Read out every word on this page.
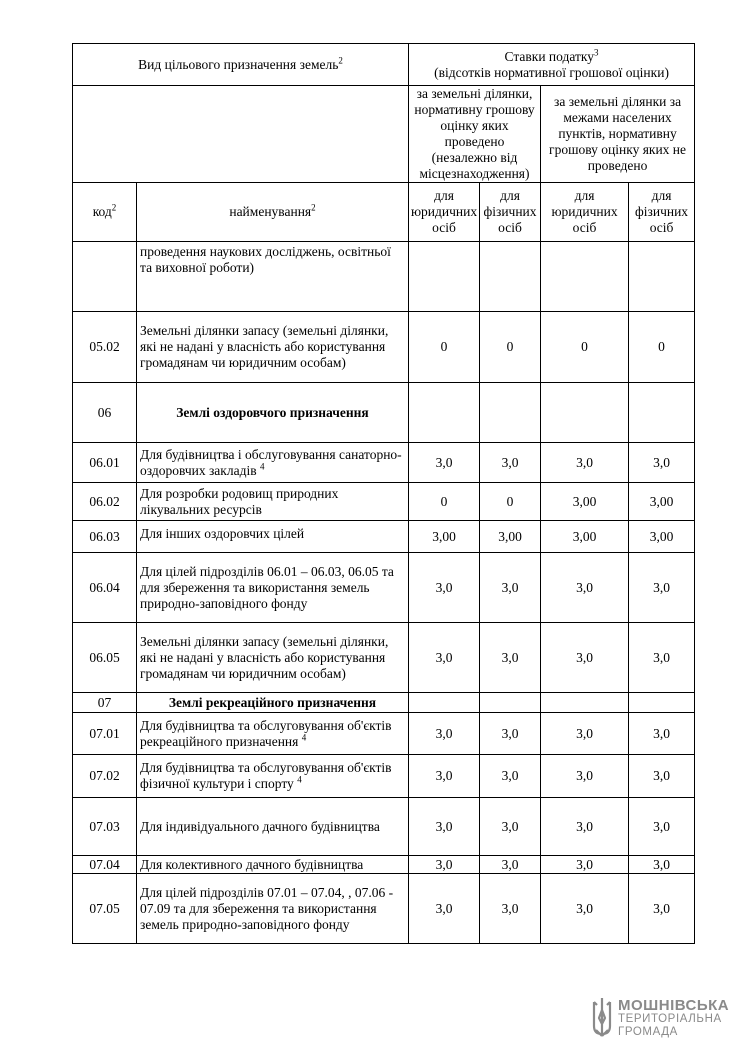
Вид цільового призначення земель$^2$		Ставки податку$^3$
(відсотків нормативної грошової оцінки)			
		за земельні ділянки, нормативну грошову оцінку яких проведено (незалежно від місцезнаходження)		за земельні ділянки за межами населених пунктів, нормативну грошову оцінку яких не проведено	
код$^2$	найменування$^2$	для юридичних осіб	для фізичних осіб	для юридичних осіб	для фізичних осіб
	проведення наукових досліджень, освітньої та виховної роботи)				
05.02	Земельні ділянки запасу (земельні ділянки, які не надані у власність або користування громадянам чи юридичним особам)	0	0	0	0
06	Землі оздоровчого призначення				
06.01	Для будівництва і обслуговування санаторно-оздоровчих закладів $^4$	3,0	3,0	3,0	3,0
06.02	Для розробки родовищ природних лікувальних ресурсів	0	0	3,00	3,00
06.03	Для інших оздоровчих цілей	3,00	3,00	3,00	3,00
06.04	Для цілей підрозділів 06.01 – 06.03, 06.05 та для збереження та використання земель природно-заповідного фонду	3,0	3,0	3,0	3,0
06.05	Земельні ділянки запасу (земельні ділянки, які не надані у власність або користування громадянам чи юридичним особам)	3,0	3,0	3,0	3,0
07	Землі рекреаційного призначення				
07.01	Для будівництва та обслуговування об'єктів рекреаційного призначення $^4$	3,0	3,0	3,0	3,0
07.02	Для будівництва та обслуговування об'єктів фізичної культури і спорту $^4$	3,0	3,0	3,0	3,0
07.03	Для індивідуального дачного будівництва	3,0	3,0	3,0	3,0
07.04	Для колективного дачного будівництва	3,0	3,0	3,0	3,0
07.05	Для цілей підрозділів 07.01 – 07.04, , 07.06 - 07.09 та для збереження та використання земель природно-заповідного фонду	3,0	3,0	3,0	3,0
МОШНІВСЬКА
ТЕРИТОРІАЛЬНА
ГРОМАДА
